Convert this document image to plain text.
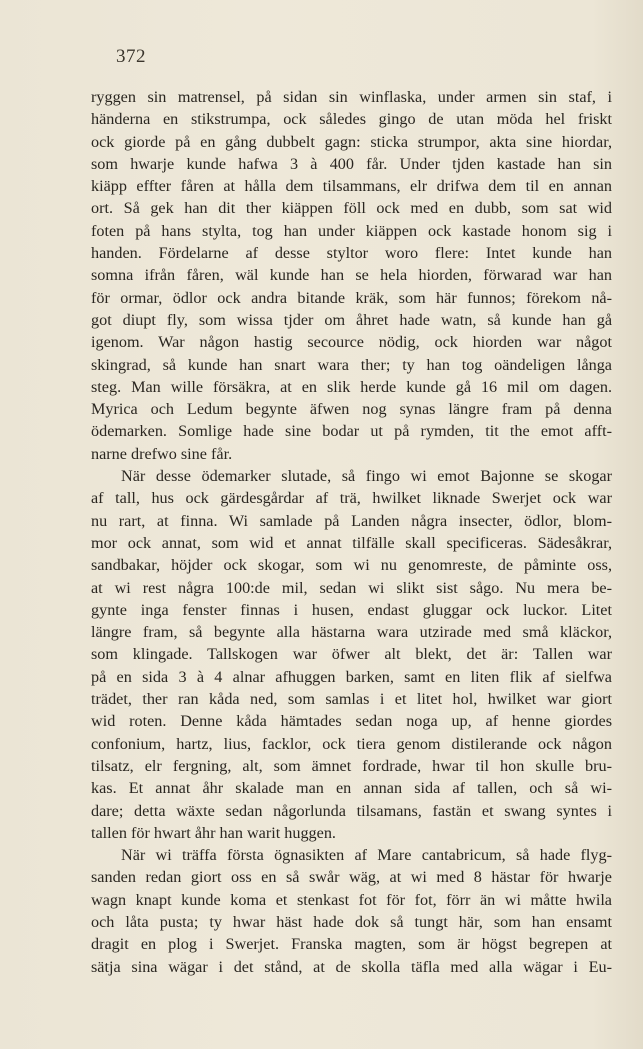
372
ryggen sin matrensel, på sidan sin winflaska, under armen sin staf, i
händerna en stikstrumpa, ock således gingo de utan möda hel friskt
ock giorde på en gång dubbelt gagn: sticka strumpor, akta sine hiordar,
som hwarje kunde hafwa 3 à 400 får. Under tjden kastade han sin
kiäpp effter fåren at hålla dem tilsammans, elr drifwa dem til en annan
ort. Så gek han dit ther kiäppen föll ock med en dubb, som sat wid
foten på hans stylta, tog han under kiäppen ock kastade honom sig i
handen. Fördelarne af desse styltor woro flere: Intet kunde han
somna ifrån fåren, wäl kunde han se hela hiorden, förwarad war han
för ormar, ödlor ock andra bitande kräk, som här funnos; förekom nå-
got diupt fly, som wissa tjder om åhret hade watn, så kunde han gå
igenom. War någon hastig secource nödig, ock hiorden war något
skingrad, så kunde han snart wara ther; ty han tog oändeligen långa
steg. Man wille försäkra, at en slik herde kunde gå 16 mil om dagen.
Myrica och Ledum begynte äfwen nog synas längre fram på denna
ödemarken. Somlige hade sine bodar ut på rymden, tit the emot afft-
narne drefwo sine får.
När desse ödemarker slutade, så fingo wi emot Bajonne se skogar
af tall, hus ock gärdesgårdar af trä, hwilket liknade Swerjet ock war
nu rart, at finna. Wi samlade på Landen några insecter, ödlor, blom-
mor ock annat, som wid et annat tilfälle skall specificeras. Sädesåkrar,
sandbakar, höjder ock skogar, som wi nu genomreste, de påminte oss,
at wi rest några 100:de mil, sedan wi slikt sist sågo. Nu mera be-
gynte inga fenster finnas i husen, endast gluggar ock luckor. Litet
längre fram, så begynte alla hästarna wara utzirade med små kläckor,
som klingade. Tallskogen war öfwer alt blekt, det är: Tallen war
på en sida 3 à 4 alnar afhuggen barken, samt en liten flik af sielfwa
trädet, ther ran kåda ned, som samlas i et litet hol, hwilket war giort
wid roten. Denne kåda hämtades sedan noga up, af henne giordes
confonium, hartz, lius, facklor, ock tiera genom distilerande ock någon
tilsatz, elr fergning, alt, som ämnet fordrade, hwar til hon skulle bru-
kas. Et annat åhr skalade man en annan sida af tallen, och så wi-
dare; detta wäxte sedan någorlunda tilsamans, fastän et swang syntes i
tallen för hwart åhr han warit huggen.
När wi träffa första ögnasikten af Mare cantabricum, så hade flyg-
sanden redan giort oss en så swår wäg, at wi med 8 hästar för hwarje
wagn knapt kunde koma et stenkast fot för fot, förr än wi måtte hwila
och låta pusta; ty hwar häst hade dok så tungt här, som han ensamt
dragit en plog i Swerjet. Franska magten, som är högst begrepen at
sätja sina wägar i det stånd, at de skolla täfla med alla wägar i Eu-
